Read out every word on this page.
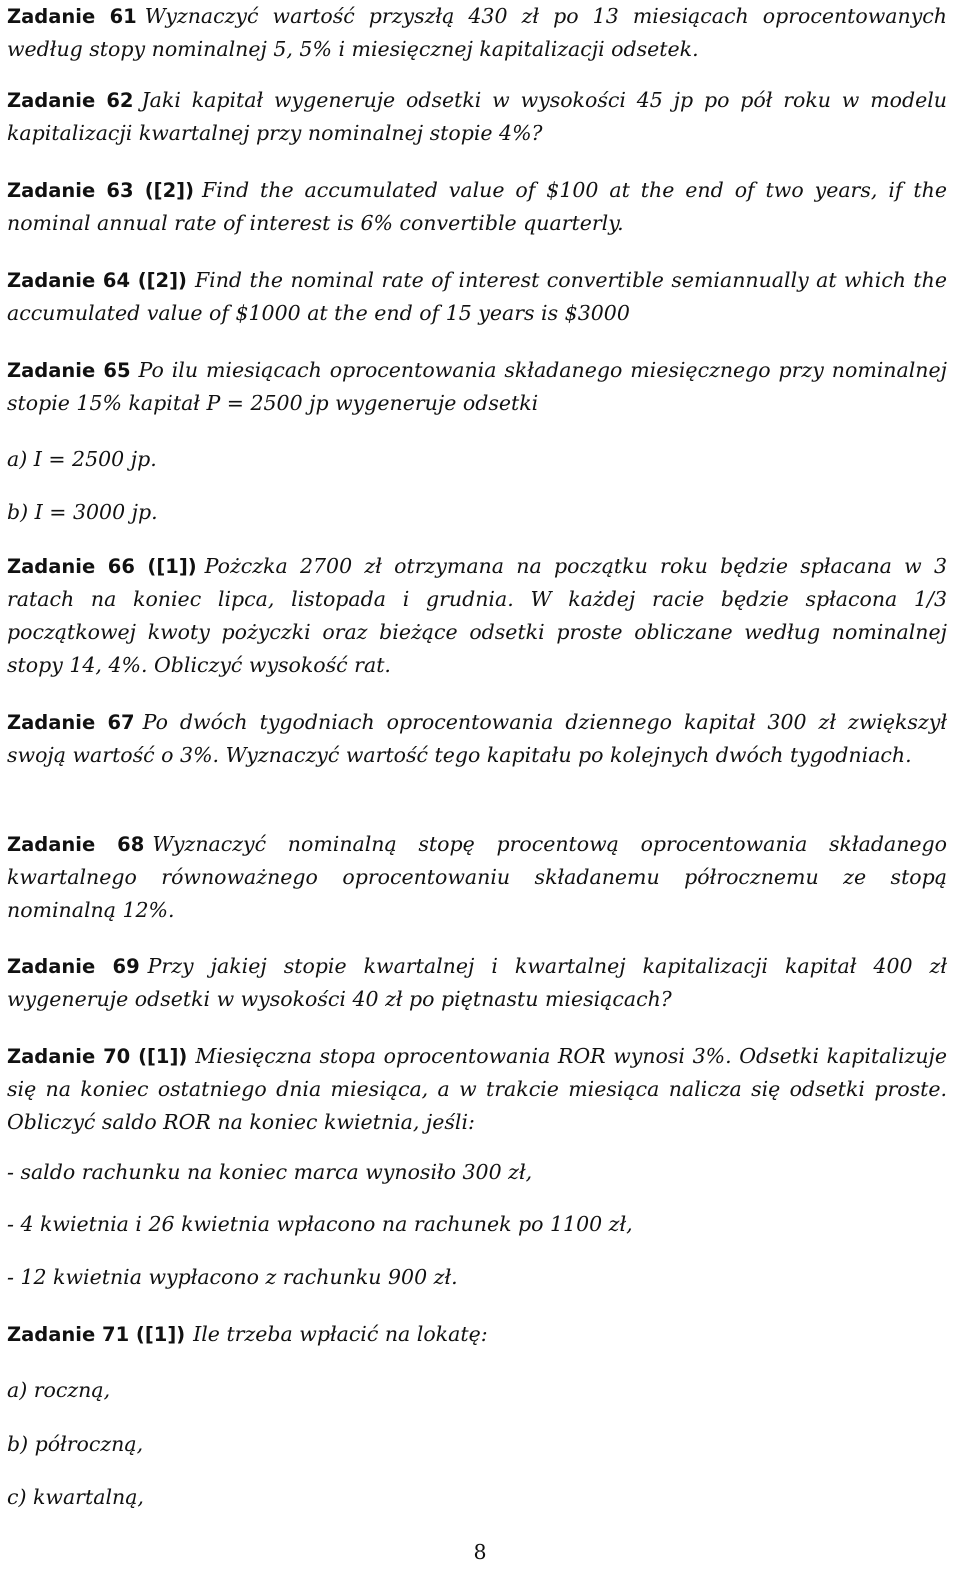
Zadanie 61 Wyznaczyć wartość przyszłą 430 zł po 13 miesiącach oprocentowanych według stopy nominalnej 5, 5% i miesięcznej kapitalizacji odsetek.
Zadanie 62 Jaki kapitał wygeneruje odsetki w wysokości 45 jp po pół roku w modelu kapitalizacji kwartalnej przy nominalnej stopie 4%?
Zadanie 63 ([2]) Find the accumulated value of $100 at the end of two years, if the nominal annual rate of interest is 6% convertible quarterly.
Zadanie 64 ([2]) Find the nominal rate of interest convertible semiannually at which the accumulated value of $1000 at the end of 15 years is $3000
Zadanie 65 Po ilu miesiącach oprocentowania składanego miesięcznego przy nominalnej stopie 15% kapitał P = 2500 jp wygeneruje odsetki
a) I = 2500 jp.
b) I = 3000 jp.
Zadanie 66 ([1]) Pożczka 2700 zł otrzymana na początku roku będzie spłacana w 3 ratach na koniec lipca, listopada i grudnia. W każdej racie będzie spłacona 1/3 początkowej kwoty pożyczki oraz bieżące odsetki proste obliczane według nominalnej stopy 14, 4%. Obliczyć wysokość rat.
Zadanie 67 Po dwóch tygodniach oprocentowania dziennego kapitał 300 zł zwiększył swoją wartość o 3%. Wyznaczyć wartość tego kapitału po kolejnych dwóch tygodniach.
Zadanie 68 Wyznaczyć nominalną stopę procentową oprocentowania składanego kwartalnego równoważnego oprocentowaniu składanemu półrocznemu ze stopą nominalną 12%.
Zadanie 69 Przy jakiej stopie kwartalnej i kwartalnej kapitalizacji kapitał 400 zł wygeneruje odsetki w wysokości 40 zł po piętnastu miesiącach?
Zadanie 70 ([1]) Miesięczna stopa oprocentowania ROR wynosi 3%. Odsetki kapitalizuje się na koniec ostatniego dnia miesiąca, a w trakcie miesiąca nalicza się odsetki proste. Obliczyć saldo ROR na koniec kwietnia, jeśli:
- saldo rachunku na koniec marca wynosiło 300 zł,
- 4 kwietnia i 26 kwietnia wpłacono na rachunek po 1100 zł,
- 12 kwietnia wypłacono z rachunku 900 zł.
Zadanie 71 ([1]) Ile trzeba wpłacić na lokatę:
a) roczną,
b) półroczną,
c) kwartalną,
8
